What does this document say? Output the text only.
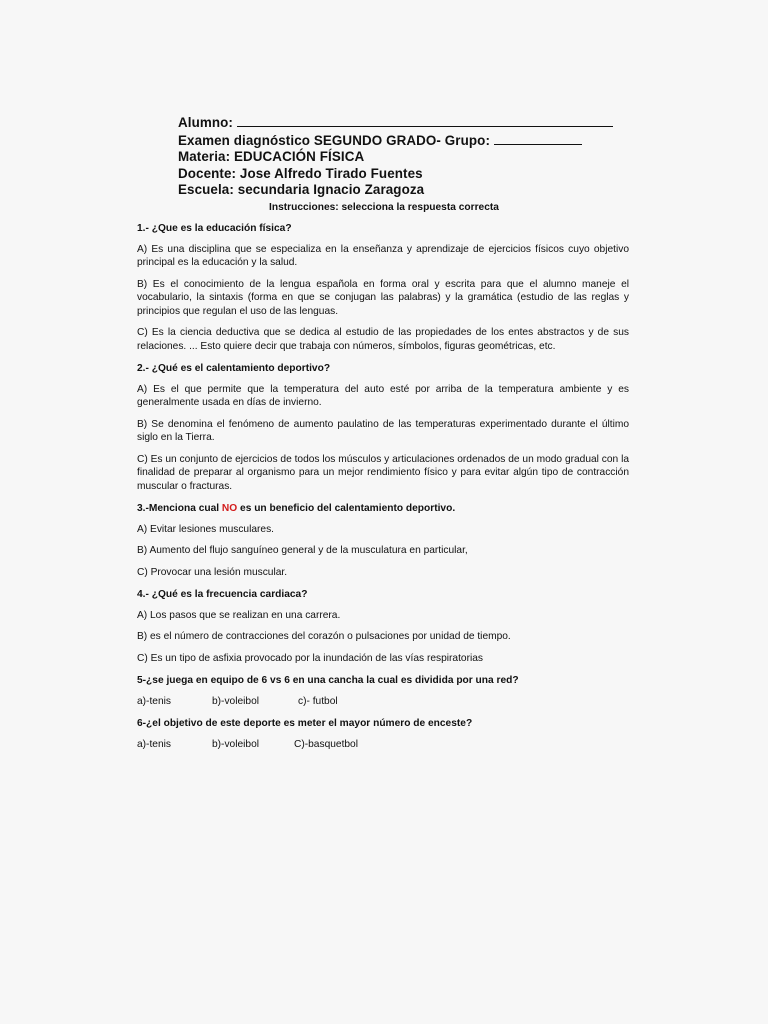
Alumno:
Examen diagnóstico SEGUNDO GRADO- Grupo:
Materia: EDUCACIÓN FÍSICA
Docente: Jose Alfredo Tirado Fuentes
Escuela: secundaria Ignacio Zaragoza
Instrucciones: selecciona la respuesta correcta
1.- ¿Que es la educación física?
A) Es una disciplina que se especializa en la enseñanza y aprendizaje de ejercicios físicos cuyo objetivo principal es la educación y la salud.
B) Es el conocimiento de la lengua española en forma oral y escrita para que el alumno maneje el vocabulario, la sintaxis (forma en que se conjugan las palabras) y la gramática (estudio de las reglas y principios que regulan el uso de las lenguas.
C) Es la ciencia deductiva que se dedica al estudio de las propiedades de los entes abstractos y de sus relaciones. ... Esto quiere decir que trabaja con números, símbolos, figuras geométricas, etc.
2.- ¿Qué es el calentamiento deportivo?
A) Es el que permite que la temperatura del auto esté por arriba de la temperatura ambiente y es generalmente usada en días de invierno.
B) Se denomina el fenómeno de aumento paulatino de las temperaturas experimentado durante el último siglo en la Tierra.
C) Es un conjunto de ejercicios de todos los músculos y articulaciones ordenados de un modo gradual con la finalidad de preparar al organismo para un mejor rendimiento físico y para evitar algún tipo de contracción muscular o fracturas.
3.-Menciona cual NO es un beneficio del calentamiento deportivo.
A) Evitar lesiones musculares.
B) Aumento del flujo sanguíneo general y de la musculatura en particular,
C) Provocar una lesión muscular.
4.- ¿Qué es la frecuencia cardiaca?
A) Los pasos que se realizan en una carrera.
B) es el número de contracciones del corazón o pulsaciones por unidad de tiempo.
C) Es un tipo de asfixia provocado por la inundación de las vías respiratorias
5-¿se juega en equipo de 6 vs 6 en una cancha la cual es dividida por una red?
a)-tenis	b)-voleibol	c)- futbol
6-¿el objetivo de este deporte es meter el mayor número de enceste?
a)-tenis	b)-voleibol	C)-basquetbol
